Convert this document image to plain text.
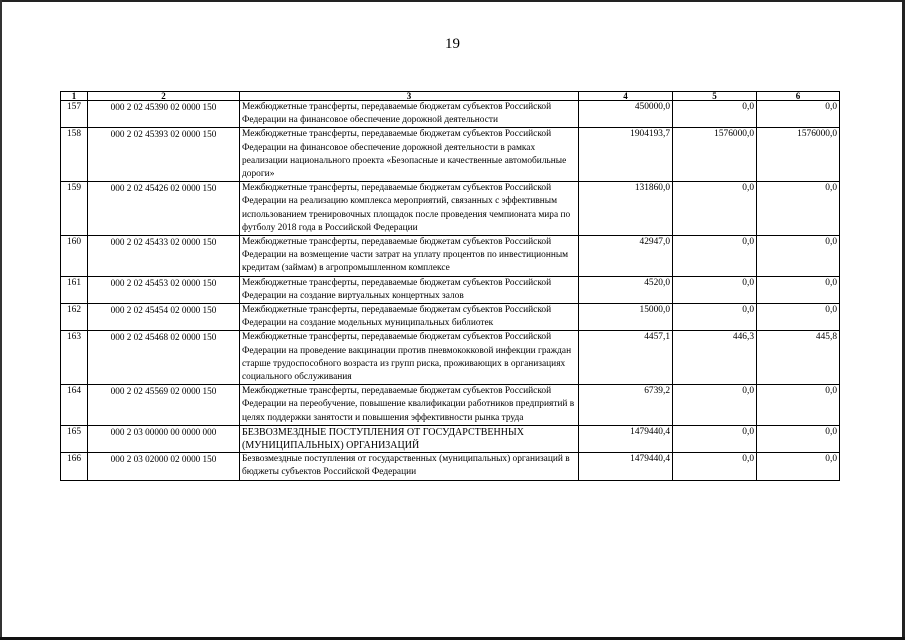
19
1	2	3	4	5	6
157	000 2 02 45390 02 0000 150	Межбюджетные трансферты, передаваемые бюджетам субъектов Российской Федерации на финансовое обеспечение дорожной деятельности	450000,0	0,0	0,0
158	000 2 02 45393 02 0000 150	Межбюджетные трансферты, передаваемые бюджетам субъектов Российской Федерации на финансовое обеспечение дорожной деятельности в рамках реализации национального проекта «Безопасные и качественные автомобильные дороги»	1904193,7	1576000,0	1576000,0
159	000 2 02 45426 02 0000 150	Межбюджетные трансферты, передаваемые бюджетам субъектов Российской Федерации на реализацию комплекса мероприятий, связанных с эффективным использованием тренировочных площадок после проведения чемпионата мира по футболу 2018 года в Российской Федерации	131860,0	0,0	0,0
160	000 2 02 45433 02 0000 150	Межбюджетные трансферты, передаваемые бюджетам субъектов Российской Федерации на возмещение части затрат на уплату процентов по инвестиционным кредитам (займам) в агропромышленном комплексе	42947,0	0,0	0,0
161	000 2 02 45453 02 0000 150	Межбюджетные трансферты, передаваемые бюджетам субъектов Российской Федерации на создание виртуальных концертных залов	4520,0	0,0	0,0
162	000 2 02 45454 02 0000 150	Межбюджетные трансферты, передаваемые бюджетам субъектов Российской Федерации на создание модельных муниципальных библиотек	15000,0	0,0	0,0
163	000 2 02 45468 02 0000 150	Межбюджетные трансферты, передаваемые бюджетам субъектов Российской Федерации на проведение вакцинации против пневмококковой инфекции граждан старше трудоспособного возраста из групп риска, проживающих в организациях социального обслуживания	4457,1	446,3	445,8
164	000 2 02 45569 02 0000 150	Межбюджетные трансферты, передаваемые бюджетам субъектов Российской Федерации на переобучение, повышение квалификации работников предприятий в целях поддержки занятости и повышения эффективности рынка труда	6739,2	0,0	0,0
165	000 2 03 00000 00 0000 000	БЕЗВОЗМЕЗДНЫЕ ПОСТУПЛЕНИЯ ОТ ГОСУДАРСТВЕННЫХ (МУНИЦИПАЛЬНЫХ) ОРГАНИЗАЦИЙ	1479440,4	0,0	0,0
166	000 2 03 02000 02 0000 150	Безвозмездные поступления от государственных (муниципальных) организаций в бюджеты субъектов Российской Федерации	1479440,4	0,0	0,0
